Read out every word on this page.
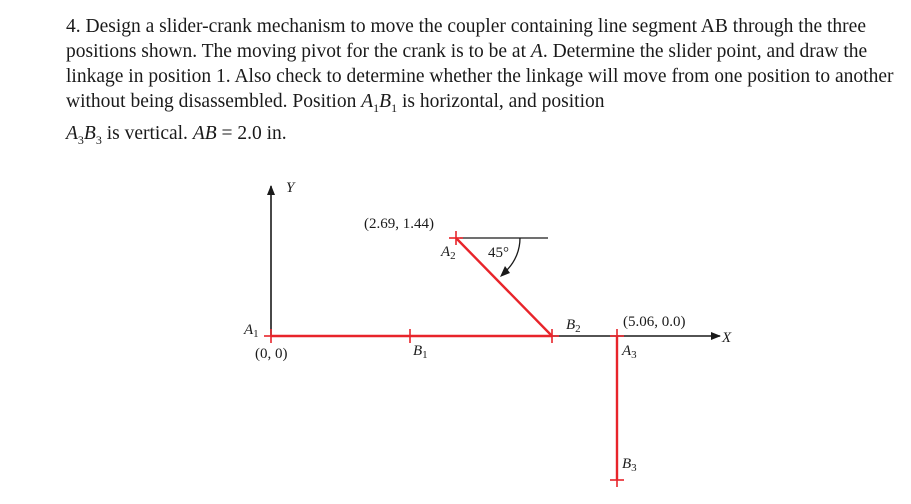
4. Design a slider-crank mechanism to move the coupler containing line segment AB through the three positions shown. The moving pivot for the crank is to be at A. Determine the slider point, and draw the linkage in position 1. Also check to determine whether the linkage will move from one position to another without being disassembled. Position $A_1B_1$ is horizontal, and position
$A_3B_3$ is vertical. AB = 2.0 in.

Y
X
45°
(0, 0)
(2.69, 1.44)
(5.06, 0.0)
$A_1$
$B_1$
$A_2$
$B_2$
$A_3$
$B_3$
